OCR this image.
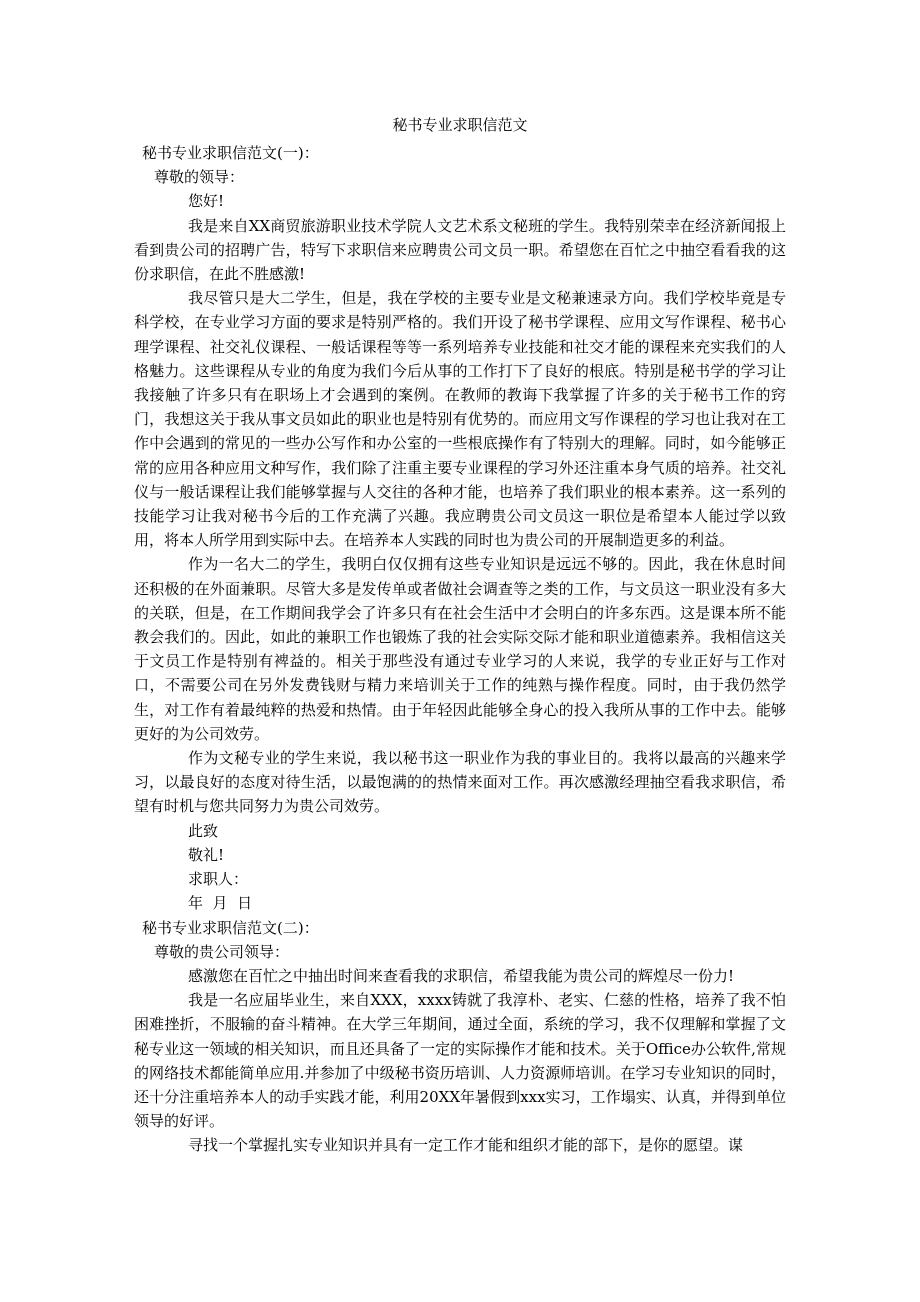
秘书专业求职信范文
秘书专业求职信范文(一)：
尊敬的领导：
您好!

我是来自XX商贸旅游职业技术学院人文艺术系文秘班的学生。我特别荣幸在经济新闻报上看到贵公司的招聘广告，特写下求职信来应聘贵公司文员一职。希望您在百忙之中抽空看看我的这份求职信，在此不胜感激!

我尽管只是大二学生，但是，我在学校的主要专业是文秘兼速录方向。我们学校毕竟是专科学校，在专业学习方面的要求是特别严格的。我们开设了秘书学课程、应用文写作课程、秘书心理学课程、社交礼仪课程、一般话课程等等一系列培养专业技能和社交才能的课程来充实我们的人格魅力。这些课程从专业的角度为我们今后从事的工作打下了良好的根底。特别是秘书学的学习让我接触了许多只有在职场上才会遇到的案例。在教师的教诲下我掌握了许多的关于秘书工作的窍门，我想这关于我从事文员如此的职业也是特别有优势的。而应用文写作课程的学习也让我对在工作中会遇到的常见的一些办公写作和办公室的一些根底操作有了特别大的理解。同时，如今能够正常的应用各种应用文种写作，我们除了注重主要专业课程的学习外还注重本身气质的培养。社交礼仪与一般话课程让我们能够掌握与人交往的各种才能，也培养了我们职业的根本素养。这一系列的技能学习让我对秘书今后的工作充满了兴趣。我应聘贵公司文员这一职位是希望本人能过学以致用，将本人所学用到实际中去。在培养本人实践的同时也为贵公司的开展制造更多的利益。

作为一名大二的学生，我明白仅仅拥有这些专业知识是远远不够的。因此，我在休息时间还积极的在外面兼职。尽管大多是发传单或者做社会调查等之类的工作，与文员这一职业没有多大的关联，但是，在工作期间我学会了许多只有在社会生活中才会明白的许多东西。这是课本所不能教会我们的。因此，如此的兼职工作也锻炼了我的社会实际交际才能和职业道德素养。我相信这关于文员工作是特别有裨益的。相关于那些没有通过专业学习的人来说，我学的专业正好与工作对口，不需要公司在另外发费钱财与精力来培训关于工作的纯熟与操作程度。同时，由于我仍然学生，对工作有着最纯粹的热爱和热情。由于年轻因此能够全身心的投入我所从事的工作中去。能够更好的为公司效劳。

作为文秘专业的学生来说，我以秘书这一职业作为我的事业目的。我将以最高的兴趣来学习，以最良好的态度对待生活，以最饱满的的热情来面对工作。再次感激经理抽空看我求职信，希望有时机与您共同努力为贵公司效劳。

此致
敬礼!
求职人：
年  月  日
秘书专业求职信范文(二)：
尊敬的贵公司领导：

感激您在百忙之中抽出时间来查看我的求职信，希望我能为贵公司的辉煌尽一份力!

我是一名应届毕业生，来自XXX，xxxx铸就了我淳朴、老实、仁慈的性格，培养了我不怕困难挫折，不服输的奋斗精神。在大学三年期间，通过全面，系统的学习，我不仅理解和掌握了文秘专业这一领域的相关知识，而且还具备了一定的实际操作才能和技术。关于Office办公软件,常规的网络技术都能简单应用.并参加了中级秘书资历培训、人力资源师培训。在学习专业知识的同时，还十分注重培养本人的动手实践才能，利用20XX年暑假到xxx实习，工作塌实、认真，并得到单位领导的好评。

寻找一个掌握扎实专业知识并具有一定工作才能和组织才能的部下，是你的愿望。谋
